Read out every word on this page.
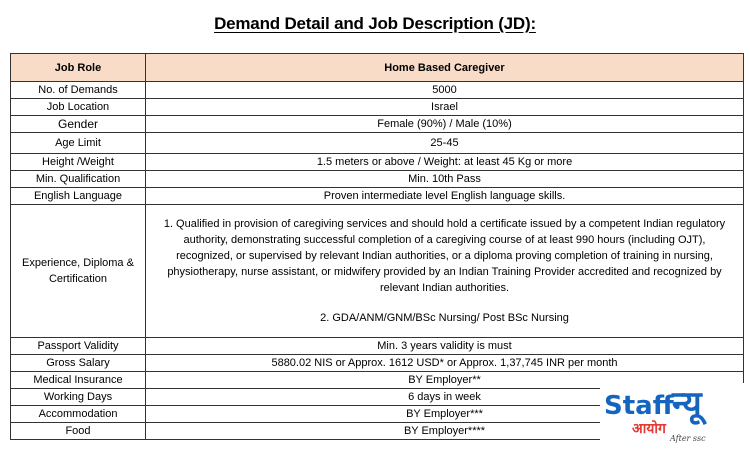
Demand Detail and Job Description (JD):
Job Role	Home Based Caregiver
No. of Demands	5000
Job Location	Israel
Gender	Female (90%) / Male (10%)
Age Limit	25-45
Height /Weight	1.5 meters or above / Weight: at least 45 Kg or more
Min. Qualification	Min. 10th Pass
English Language	Proven intermediate level English language skills.
Experience, Diploma & Certification	1. Qualified in provision of caregiving services and should hold a certificate issued by a competent Indian regulatory authority, demonstrating successful completion of a caregiving course of at least 990 hours (including OJT), recognized, or supervised by relevant Indian authorities, or a diploma proving completion of training in nursing, physiotherapy, nurse assistant, or midwifery provided by an Indian Training Provider accredited and recognized by relevant Indian authorities.

2. GDA/ANM/GNM/BSc Nursing/ Post BSc Nursing

Passport Validity	Min. 3 years validity is must
Gross Salary	5880.02 NIS or Approx. 1612 USD* or Approx. 1,37,745 INR per month
Medical Insurance	BY Employer**
Working Days	6 days in week
Accommodation	BY Employer***
Food	BY Employer****
Staff
न्यू
आयोग
After ssc
